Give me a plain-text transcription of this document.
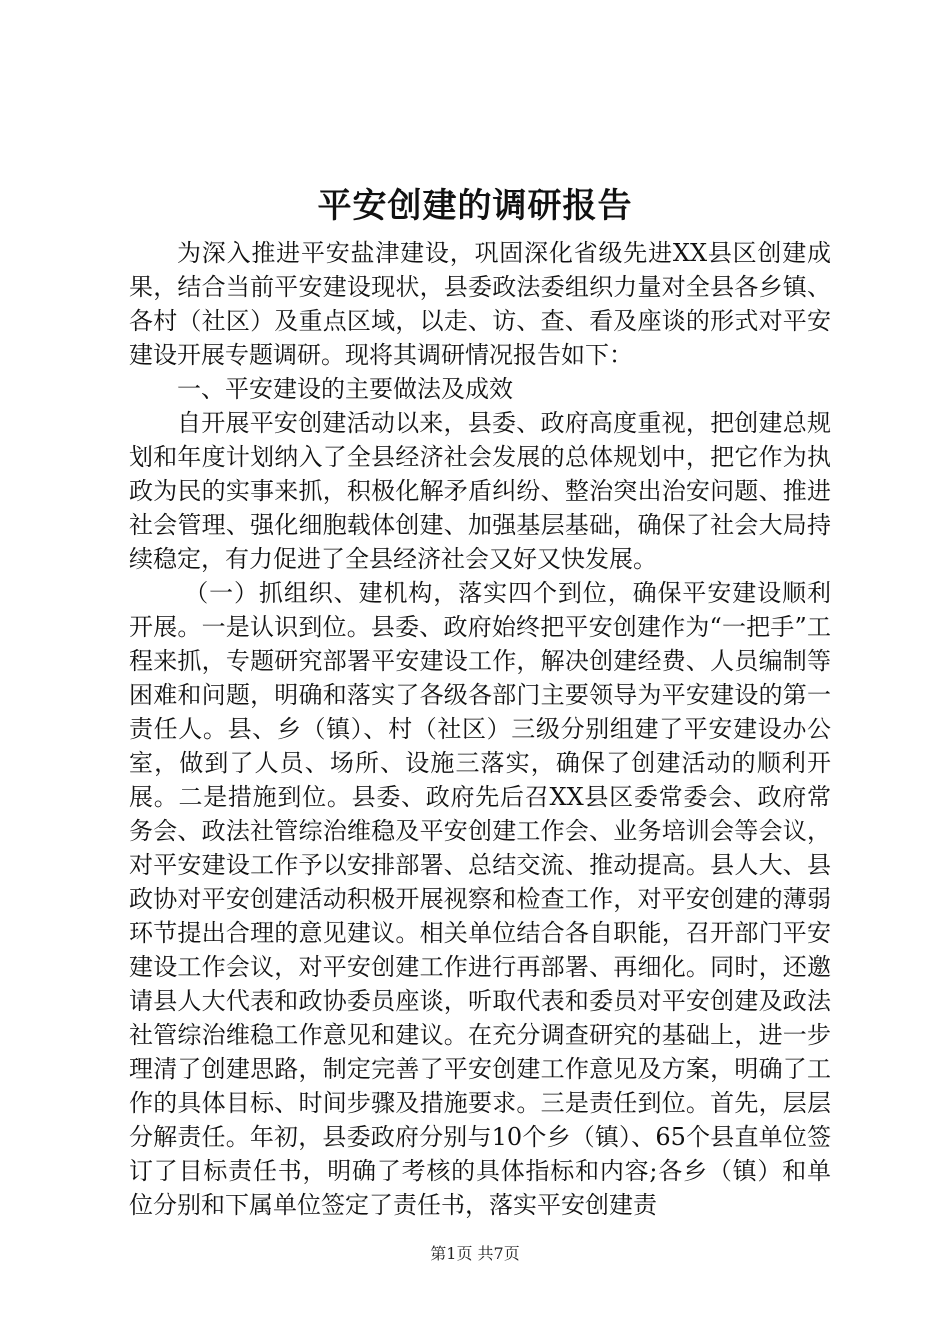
平安创建的调研报告

为深入推进平安盐津建设，巩固深化省级先进XX县区创建成果，结合当前平安建设现状，县委政法委组织力量对全县各乡镇、各村（社区）及重点区域，以走、访、查、看及座谈的形式对平安建设开展专题调研。现将其调研情况报告如下：

一、平安建设的主要做法及成效

自开展平安创建活动以来，县委、政府高度重视，把创建总规划和年度计划纳入了全县经济社会发展的总体规划中，把它作为执政为民的实事来抓，积极化解矛盾纠纷、整治突出治安问题、推进社会管理、强化细胞载体创建、加强基层基础，确保了社会大局持续稳定，有力促进了全县经济社会又好又快发展。

（一）抓组织、建机构，落实四个到位，确保平安建设顺利开展。一是认识到位。县委、政府始终把平安创建作为“一把手”工程来抓，专题研究部署平安建设工作，解决创建经费、人员编制等困难和问题，明确和落实了各级各部门主要领导为平安建设的第一责任人。县、乡（镇）、村（社区）三级分别组建了平安建设办公室，做到了人员、场所、设施三落实，确保了创建活动的顺利开展。二是措施到位。县委、政府先后召XX县区委常委会、政府常务会、政法社管综治维稳及平安创建工作会、业务培训会等会议，对平安建设工作予以安排部署、总结交流、推动提高。县人大、县政协对平安创建活动积极开展视察和检查工作，对平安创建的薄弱环节提出合理的意见建议。相关单位结合各自职能，召开部门平安建设工作会议，对平安创建工作进行再部署、再细化。同时，还邀请县人大代表和政协委员座谈，听取代表和委员对平安创建及政法社管综治维稳工作意见和建议。在充分调查研究的基础上，进一步理清了创建思路，制定完善了平安创建工作意见及方案，明确了工作的具体目标、时间步骤及措施要求。三是责任到位。首先，层层分解责任。年初，县委政府分别与10个乡（镇）、65个县直单位签订了目标责任书，明确了考核的具体指标和内容;各乡（镇）和单位分别和下属单位签定了责任书，落实平安创建责

第1页 共7页
